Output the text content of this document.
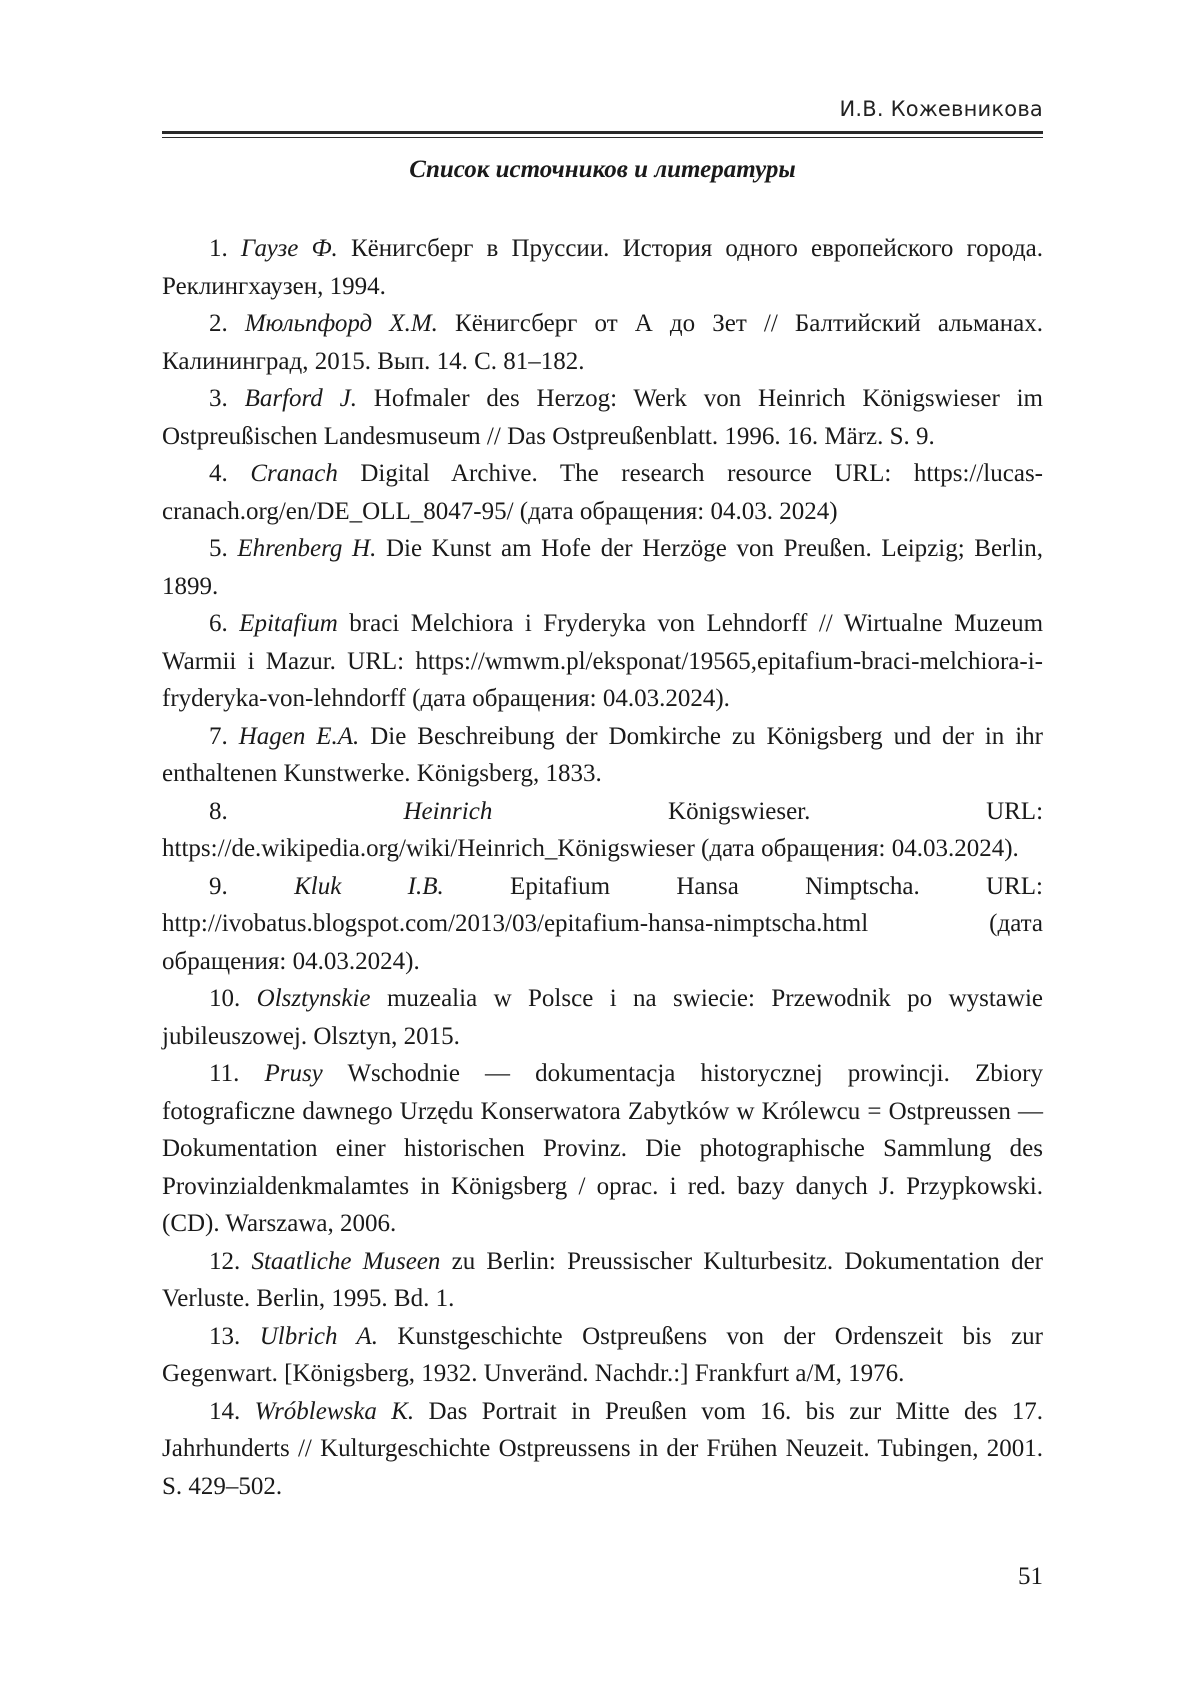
И.В. Кожевникова
Список источников и литературы

1. Гаузе Ф. Кёнигсберг в Пруссии. История одного европейского города. Реклингхаузен, 1994.

2. Мюльпфорд Х.М. Кёнигсберг от А до Зет // Балтийский альманах. Калининград, 2015. Вып. 14. С. 81–182.

3. Barford J. Hofmaler des Herzog: Werk von Heinrich Königswieser im Ostpreußischen Landesmuseum // Das Ostpreußenblatt. 1996. 16. März. S. 9.

4. Cranach Digital Archive. The research resource URL: https://lucas-cranach.org/en/DE_OLL_8047-95/ (дата обращения: 04.03. 2024)

5. Ehrenberg H. Die Kunst am Hofe der Herzöge von Preußen. Leipzig; Berlin, 1899.

6. Epitafium braci Melchiora i Fryderyka von Lehndorff // Wirtualne Muzeum Warmii i Mazur. URL: https://wmwm.pl/eksponat/19565,epitafium-braci-melchiora-i-fryderyka-von-lehndorff (дата обращения: 04.03.2024).

7. Hagen E.A. Die Beschreibung der Domkirche zu Königsberg und der in ihr enthaltenen Kunstwerke. Königsberg, 1833.

8.	Heinrich	Königswieser. URL: https://de.wikipedia.org/wiki/Heinrich_Königswieser (дата обращения: 04.03.2024).

9.	Kluk I.B.	Epitafium Hansa Nimptscha. URL: http://ivobatus.blogspot.com/2013/03/epitafium-hansa-nimptscha.html (дата обращения: 04.03.2024).

10. Olsztynskie muzealia w Polsce i na swiecie: Przewodnik po wystawie jubileuszowej. Olsztyn, 2015.

11. Prusy Wschodnie — dokumentacja historycznej prowincji. Zbiory fotograficzne dawnego Urzędu Konserwatora Zabytków w Królewcu = Ostpreussen — Dokumentation einer historischen Provinz. Die photographische Sammlung des Provinzialdenkmalamtes in Königsberg / oprac. i red. bazy danych J. Przypkowski. (CD). Warszawa, 2006.

12. Staatliche Museen zu Berlin: Preussischer Kulturbesitz. Dokumentation der Verluste. Berlin, 1995. Bd. 1.

13. Ulbrich A. Kunstgeschichte Ostpreußens von der Ordenszeit bis zur Gegenwart. [Königsberg, 1932. Unveränd. Nachdr.:] Frankfurt a/M, 1976.

14. Wróblewska K. Das Portrait in Preußen vom 16. bis zur Mitte des 17. Jahrhunderts // Kulturgeschichte Ostpreussens in der Frühen Neuzeit. Tubingen, 2001. S. 429–502.

51
